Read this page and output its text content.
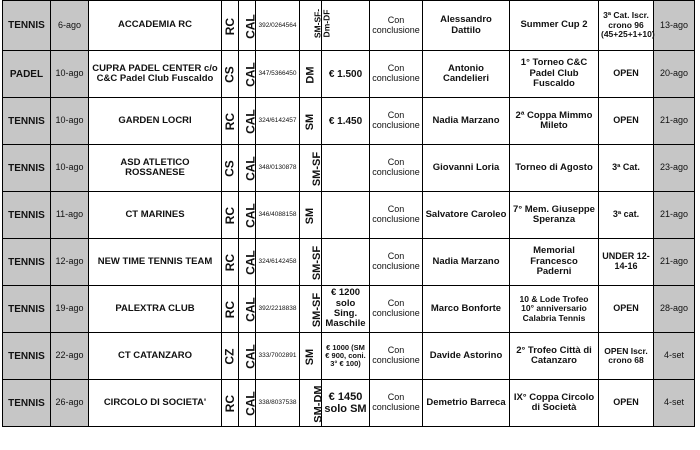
TENNIS	6-ago	ACCADEMIA RC	RC	CAL	392/0264564	SM-SF-Dm-DF		Con conclusione	Alessandro Dattilo	Summer Cup 2	3ª Cat. Iscr. crono 96 (45+25+1+10)	13-ago
PADEL	10-ago	CUPRA PADEL CENTER c/o C&C Padel Club Fuscaldo	CS	CAL	347/5366450	DM	€ 1.500	Con conclusione	Antonio Candelieri	1° Torneo C&C Padel Club Fuscaldo	OPEN	20-ago
TENNIS	10-ago	GARDEN LOCRI	RC	CAL	324/6142457	SM	€ 1.450	Con conclusione	Nadia Marzano	2ª Coppa Mimmo Mileto	OPEN	21-ago
TENNIS	10-ago	ASD ATLETICO ROSSANESE	CS	CAL	348/0130878	SM-SF		Con conclusione	Giovanni Loria	Torneo di Agosto	3ª Cat.	23-ago
TENNIS	11-ago	CT MARINES	RC	CAL	346/4088158	SM		Con conclusione	Salvatore Caroleo	7° Mem. Giuseppe Speranza	3ª cat.	21-ago
TENNIS	12-ago	NEW TIME TENNIS TEAM	RC	CAL	324/6142458	SM-SF		Con conclusione	Nadia Marzano	Memorial Francesco Paderni	UNDER 12-14-16	21-ago
TENNIS	19-ago	PALEXTRA CLUB	RC	CAL	392/2218838	SM-SF	€ 1200 solo Sing. Maschile	Con conclusione	Marco Bonforte	10 & Lode Trofeo 10° anniversario Calabria Tennis	OPEN	28-ago
TENNIS	22-ago	CT CATANZARO	CZ	CAL	333/7002891	SM	€ 1000 (SM € 900, coni. 3° € 100)	Con conclusione	Davide Astorino	2° Trofeo Città di Catanzaro	OPEN Iscr. crono 68	4-set
TENNIS	26-ago	CIRCOLO DI SOCIETA'	RC	CAL	338/8037538	SM-DM	€ 1450 solo SM	Con conclusione	Demetrio Barreca	IX° Coppa Circolo di Società	OPEN	4-set
